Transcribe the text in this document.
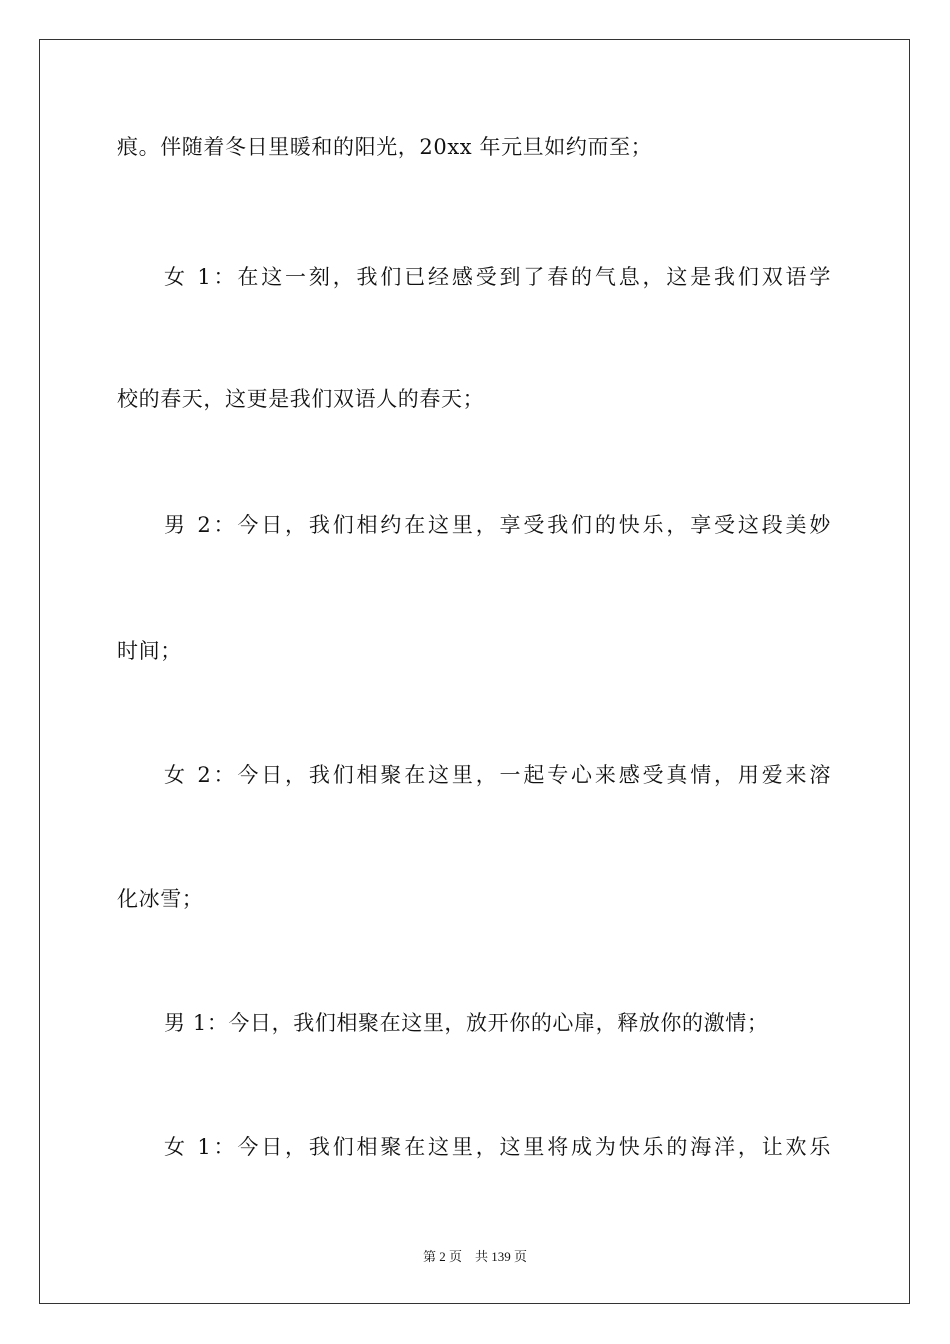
痕。伴随着冬日里暖和的阳光，20xx 年元旦如约而至；
女 1：在这一刻，我们已经感受到了春的气息，这是我们双语学
校的春天，这更是我们双语人的春天；
男 2：今日，我们相约在这里，享受我们的快乐，享受这段美妙
时间；
女 2：今日，我们相聚在这里，一起专心来感受真情，用爱来溶
化冰雪；
男 1：今日，我们相聚在这里，放开你的心扉，释放你的激情；
女 1：今日，我们相聚在这里，这里将成为快乐的海洋，让欢乐
第 2 页 共 139 页
